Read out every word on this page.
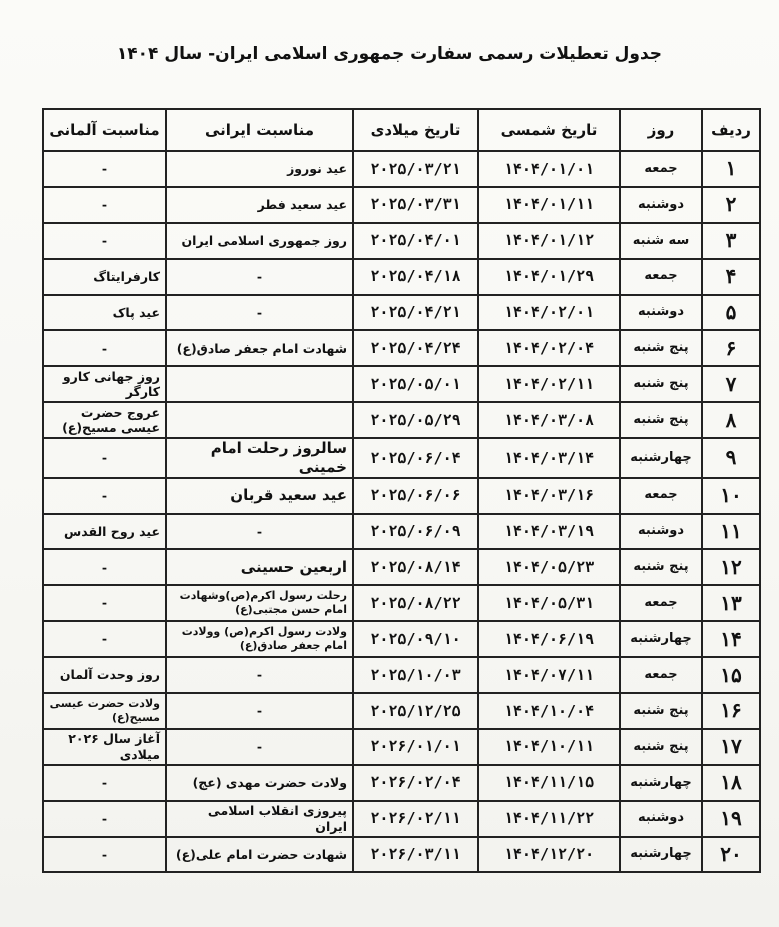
جدول تعطیلات رسمی سفارت جمهوری اسلامی ایران- سال ۱۴۰۴
ردیف	روز	تاریخ شمسی	تاریخ میلادی	مناسبت ایرانی	مناسبت آلمانی
۱	جمعه	۱۴۰۴/۰۱/۰۱	۲۰۲۵/۰۳/۲۱	عید نوروز	-
۲	دوشنبه	۱۴۰۴/۰۱/۱۱	۲۰۲۵/۰۳/۳۱	عید سعید فطر	-
۳	سه شنبه	۱۴۰۴/۰۱/۱۲	۲۰۲۵/۰۴/۰۱	روز جمهوری اسلامی ایران	-
۴	جمعه	۱۴۰۴/۰۱/۲۹	۲۰۲۵/۰۴/۱۸	-	کارفرایتاگ
۵	دوشنبه	۱۴۰۴/۰۲/۰۱	۲۰۲۵/۰۴/۲۱	-	عید پاک
۶	پنج شنبه	۱۴۰۴/۰۲/۰۴	۲۰۲۵/۰۴/۲۴	شهادت امام جعفر صادق(ع)	-
۷	پنج شنبه	۱۴۰۴/۰۲/۱۱	۲۰۲۵/۰۵/۰۱		روز جهانی کارو کارگر
۸	پنج شنبه	۱۴۰۴/۰۳/۰۸	۲۰۲۵/۰۵/۲۹		عروج حضرت عیسی مسیح(ع)
۹	چهارشنبه	۱۴۰۴/۰۳/۱۴	۲۰۲۵/۰۶/۰۴	سالروز رحلت امام خمینی	-
۱۰	جمعه	۱۴۰۴/۰۳/۱۶	۲۰۲۵/۰۶/۰۶	عید سعید قربان	-
۱۱	دوشنبه	۱۴۰۴/۰۳/۱۹	۲۰۲۵/۰۶/۰۹	-	عید روح القدس
۱۲	پنج شنبه	۱۴۰۴/۰۵/۲۳	۲۰۲۵/۰۸/۱۴	اربعین حسینی	-
۱۳	جمعه	۱۴۰۴/۰۵/۳۱	۲۰۲۵/۰۸/۲۲	رحلت رسول اکرم(ص)وشهادت امام حسن مجتبی(ع)	-
۱۴	چهارشنبه	۱۴۰۴/۰۶/۱۹	۲۰۲۵/۰۹/۱۰	ولادت رسول اکرم(ص) وولادت امام جعفر صادق(ع)	-
۱۵	جمعه	۱۴۰۴/۰۷/۱۱	۲۰۲۵/۱۰/۰۳	-	روز وحدت آلمان
۱۶	پنج شنبه	۱۴۰۴/۱۰/۰۴	۲۰۲۵/۱۲/۲۵	-	ولادت حضرت عیسی مسیح(ع)
۱۷	پنج شنبه	۱۴۰۴/۱۰/۱۱	۲۰۲۶/۰۱/۰۱	-	آغاز سال ۲۰۲۶ میلادی
۱۸	چهارشنبه	۱۴۰۴/۱۱/۱۵	۲۰۲۶/۰۲/۰۴	ولادت حضرت مهدی (عج)	-
۱۹	دوشنبه	۱۴۰۴/۱۱/۲۲	۲۰۲۶/۰۲/۱۱	پیروزی انقلاب اسلامی ایران	-
۲۰	چهارشنبه	۱۴۰۴/۱۲/۲۰	۲۰۲۶/۰۳/۱۱	شهادت حضرت امام علی(ع)	-
